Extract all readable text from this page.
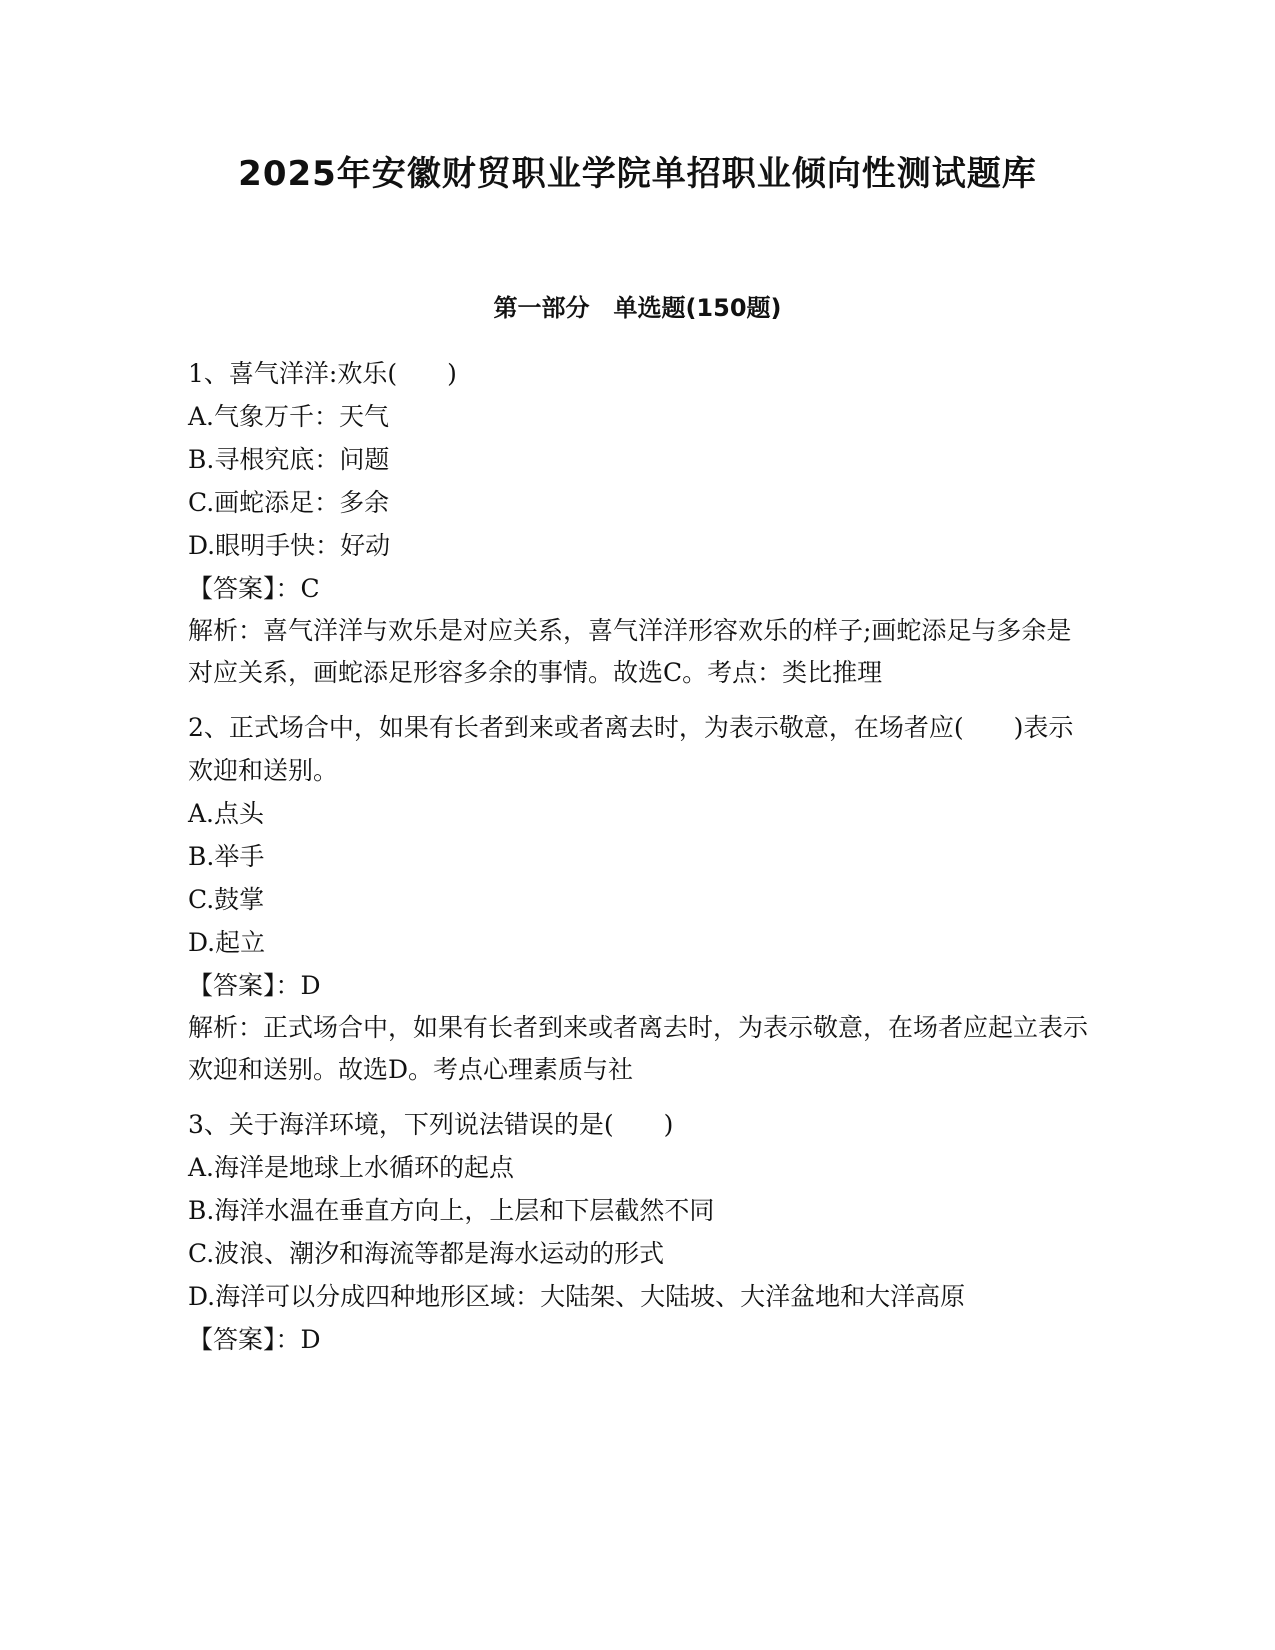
2025年安徽财贸职业学院单招职业倾向性测试题库
第一部分　单选题(150题)
1、喜气洋洋:欢乐(　　)
A.气象万千：天气
B.寻根究底：问题
C.画蛇添足：多余
D.眼明手快：好动
【答案】：C
解析：喜气洋洋与欢乐是对应关系，喜气洋洋形容欢乐的样子;画蛇添足与多余是对应关系，画蛇添足形容多余的事情。故选C。考点：类比推理
2、正式场合中，如果有长者到来或者离去时，为表示敬意，在场者应(　　)表示欢迎和送别。
A.点头
B.举手
C.鼓掌
D.起立
【答案】：D
解析：正式场合中，如果有长者到来或者离去时，为表示敬意，在场者应起立表示欢迎和送别。故选D。考点心理素质与社
3、关于海洋环境，下列说法错误的是(　　)
A.海洋是地球上水循环的起点
B.海洋水温在垂直方向上，上层和下层截然不同
C.波浪、潮汐和海流等都是海水运动的形式
D.海洋可以分成四种地形区域：大陆架、大陆坡、大洋盆地和大洋高原
【答案】：D
